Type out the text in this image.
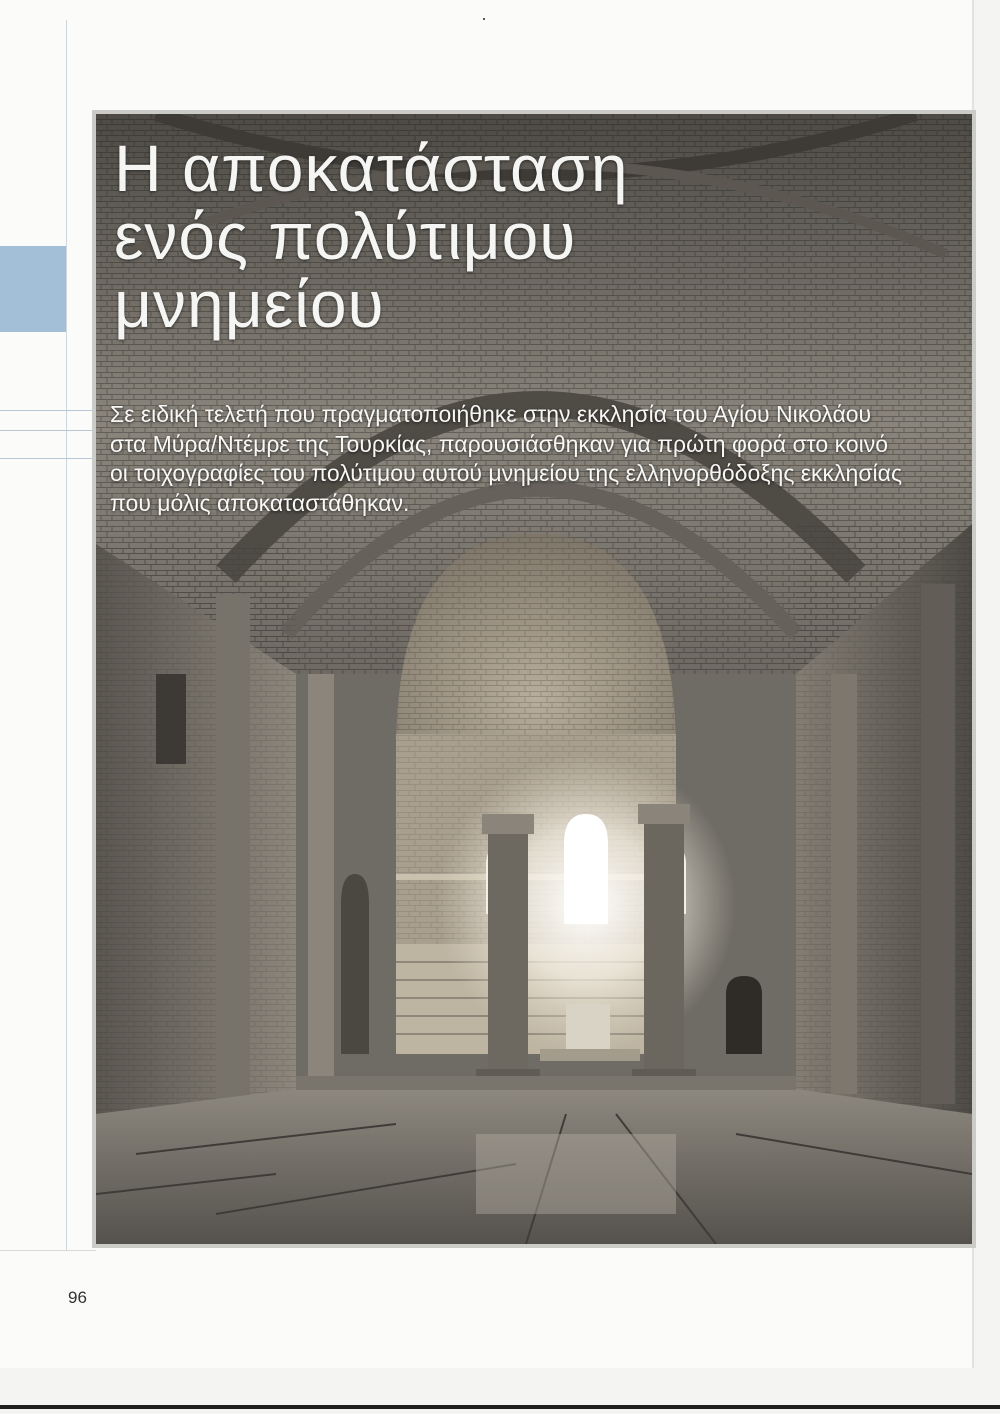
Η αποκατάσταση
ενός πολύτιμου
μνημείου

Σε ειδική τελετή που πραγματοποιήθηκε στην εκκλησία του Αγίου Νικολάου στα Μύρα/Ντέμρε της Τουρκίας, παρουσιάσθηκαν για πρώτη φορά στο κοινό οι τοιχογραφίες του πολύτιμου αυτού μνημείου της ελληνορθόδοξης εκκλησίας που μόλις αποκαταστάθηκαν.

96
